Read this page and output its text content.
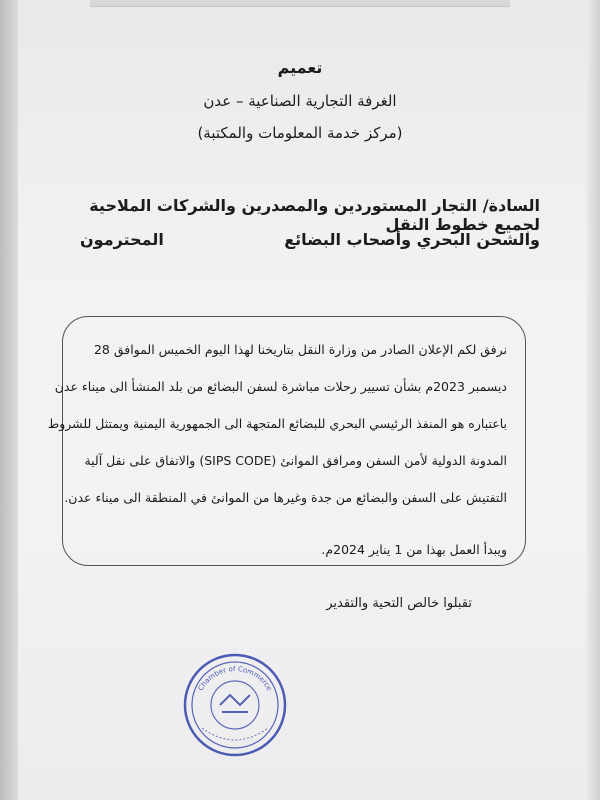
تعميم
الغرفة التجارية الصناعية – عدن
(مركز خدمة المعلومات والمكتبة)
السادة/ التجار المستوردين والمصدرين والشركات الملاحية لجميع خطوط النقل
والشحن البحري وأصحاب البضائع
المحترمون
نرفق لكم الإعلان الصادر من وزارة النقل بتاريخنا لهذا اليوم الخميس الموافق 28
ديسمبر 2023م بشأن تسيير رحلات مباشرة لسفن البضائع من بلد المنشأ الى ميناء عدن
باعتباره هو المنفذ الرئيسي البحري للبضائع المتجهة الى الجمهورية اليمنية ويمتثل للشروط
المدونة الدولية لأمن السفن ومرافق الموانئ (SIPS CODE) والاتفاق على نقل آلية
التفتيش على السفن والبضائع من جدة وغيرها من الموانئ في المنطقة الى ميناء عدن.
ويبدأ العمل بهذا من 1 يناير 2024م.
تقبلوا خالص التحية والتقدير
Chamber of Commerce
